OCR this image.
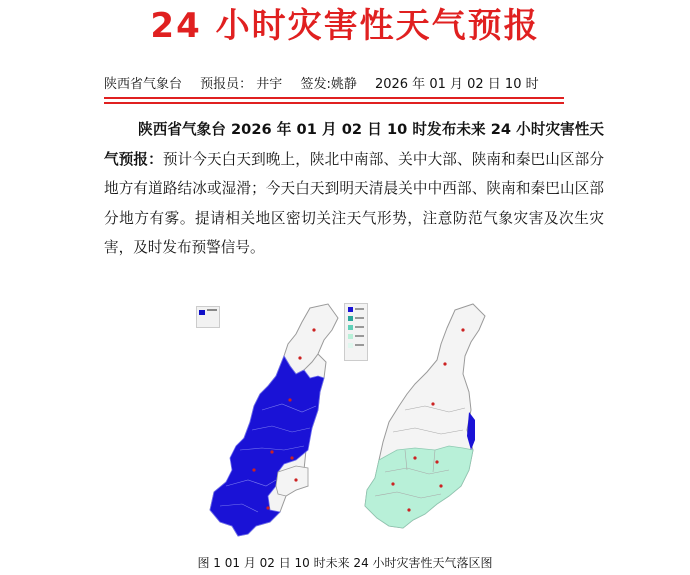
24 小时灾害性天气预报
陕西省气象台 预报员： 井宇 签发:姚静 2026 年 01 月 02 日 10 时
陕西省气象台 2026 年 01 月 02 日 10 时发布未来 24 小时灾害性天气预报：预计今天白天到晚上，陕北中南部、关中大部、陕南和秦巴山区部分地方有道路结冰或湿滑；今天白天到明天清晨关中中西部、陕南和秦巴山区部分地方有雾。提请相关地区密切关注天气形势，注意防范气象灾害及次生灾害，及时发布预警信号。
图 1 01 月 02 日 10 时未来 24 小时灾害性天气落区图
